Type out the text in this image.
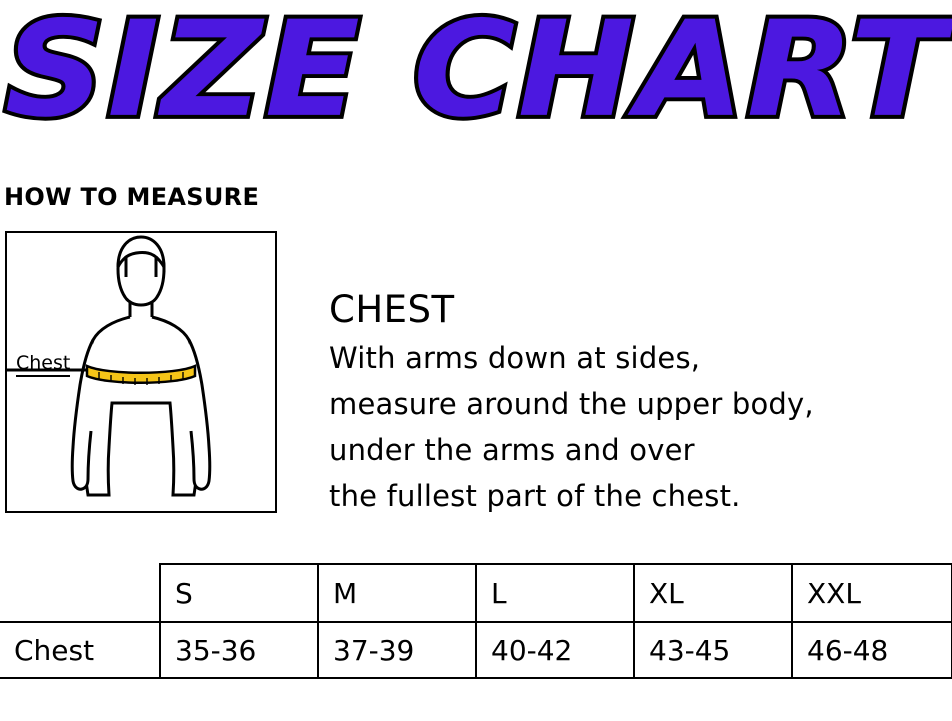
SIZE CHART
HOW TO MEASURE
Chest
CHEST
With arms down at sides,
measure around the upper body,
under the arms and over
the fullest part of the chest.
	S	M	L	XL	XXL
Chest	35-36	37-39	40-42	43-45	46-48
